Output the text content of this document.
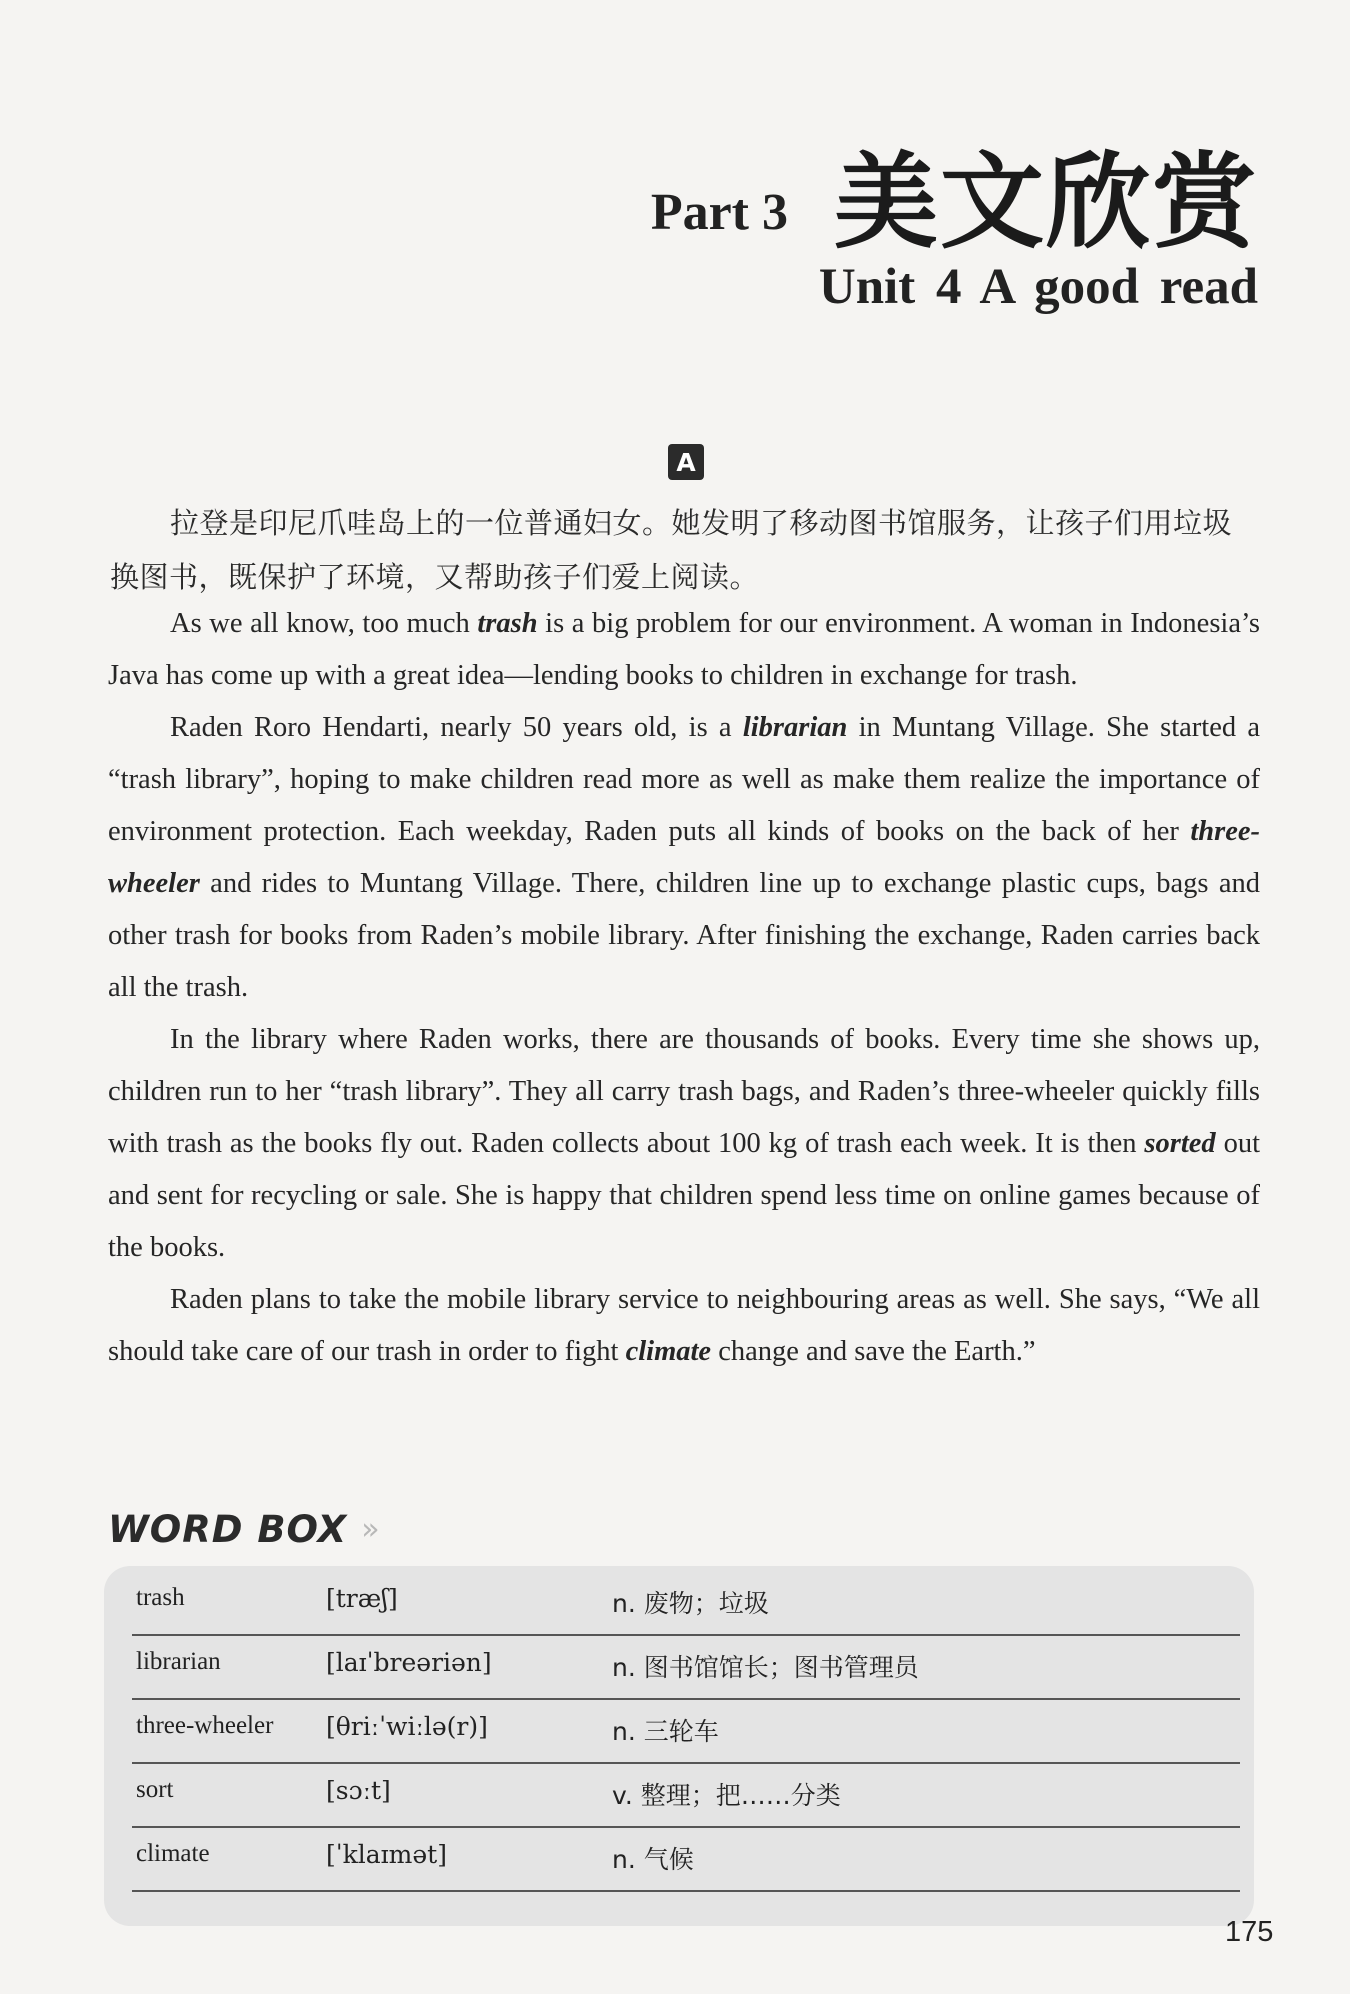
Part 3 美文欣赏
Unit 4 A good read
A
拉登是印尼爪哇岛上的一位普通妇女。她发明了移动图书馆服务，让孩子们用垃圾换图书，既保护了环境，又帮助孩子们爱上阅读。

As we all know, too much trash is a big problem for our environment. A woman in Indonesia’s Java has come up with a great idea—lending books to children in exchange for trash.

Raden Roro Hendarti, nearly 50 years old, is a librarian in Muntang Village. She started a “trash library”, hoping to make children read more as well as make them realize the importance of environment protection. Each weekday, Raden puts all kinds of books on the back of her three-wheeler and rides to Muntang Village. There, children line up to exchange plastic cups, bags and other trash for books from Raden’s mobile library. After finishing the exchange, Raden carries back all the trash.

In the library where Raden works, there are thousands of books. Every time she shows up, children run to her “trash library”. They all carry trash bags, and Raden’s three-wheeler quickly fills with trash as the books fly out. Raden collects about 100 kg of trash each week. It is then sorted out and sent for recycling or sale. She is happy that children spend less time on online games because of the books.

Raden plans to take the mobile library service to neighbouring areas as well. She says, “We all should take care of our trash in order to fight climate change and save the Earth.”

WORD BOX »
trash	[træʃ]	n. 废物；垃圾
librarian	[laɪˈbreəriən]	n. 图书馆馆长；图书管理员
three-wheeler [θriːˈwiːlə(r)]	n. 三轮车
sort	[sɔːt]	v. 整理；把……分类
climate	[ˈklaɪmət]	n. 气候
175
